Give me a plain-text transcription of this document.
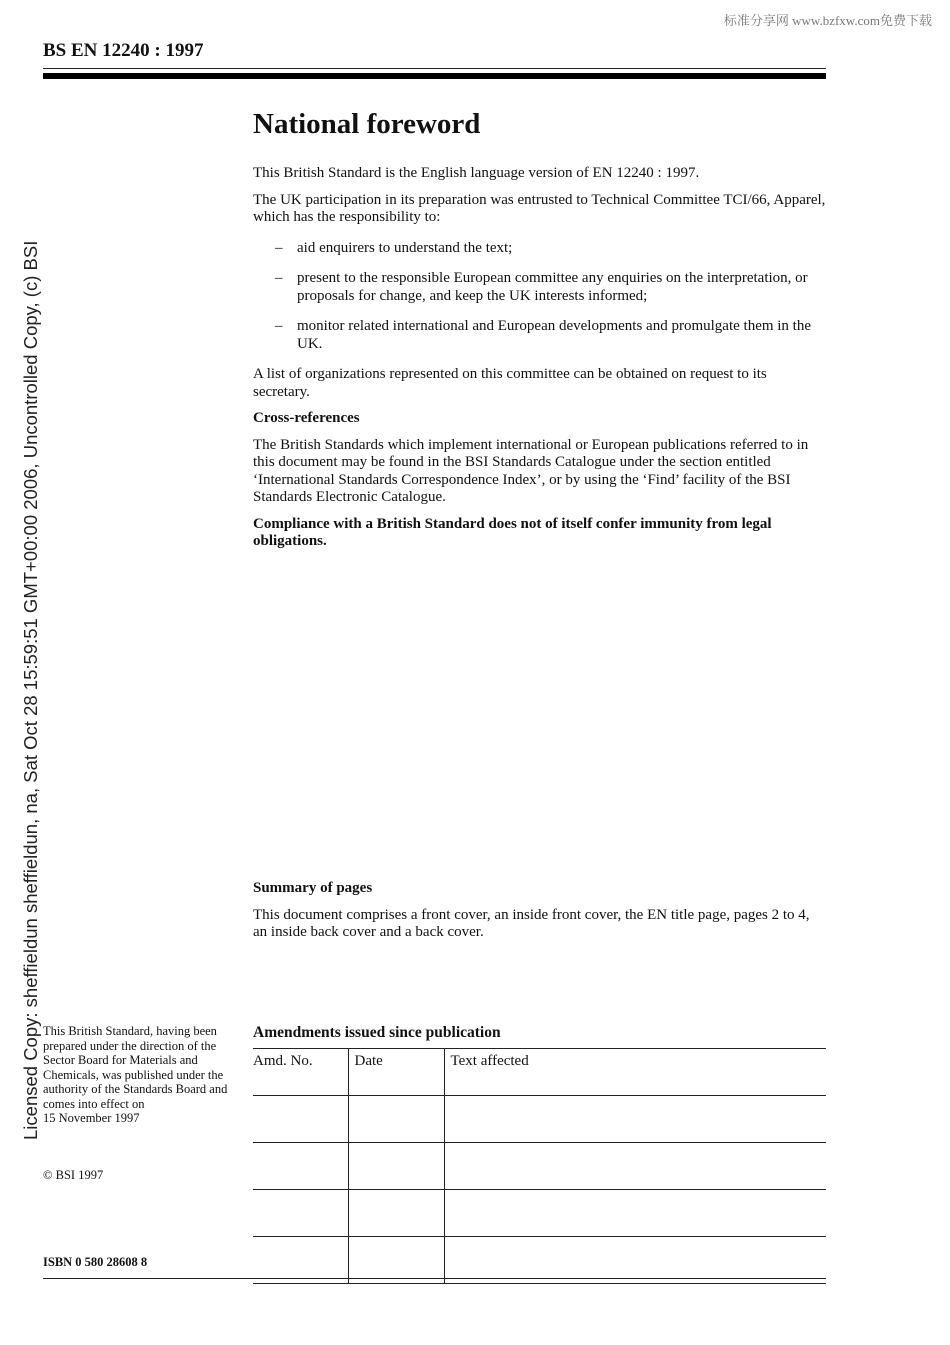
标准分享网 www.bzfxw.com免费下载
BS EN 12240 : 1997
Licensed Copy: sheffieldun sheffieldun, na, Sat Oct 28 15:59:51 GMT+00:00 2006, Uncontrolled Copy, (c) BSI
National foreword

This British Standard is the English language version of EN 12240 : 1997.

The UK participation in its preparation was entrusted to Technical Committee TCI/66, Apparel, which has the responsibility to:

– aid enquirers to understand the text;
– present to the responsible European committee any enquiries on the interpretation, or proposals for change, and keep the UK interests informed;
– monitor related international and European developments and promulgate them in the UK.

A list of organizations represented on this committee can be obtained on request to its secretary.

Cross-references

The British Standards which implement international or European publications referred to in this document may be found in the BSI Standards Catalogue under the section entitled ‘International Standards Correspondence Index’, or by using the ‘Find’ facility of the BSI Standards Electronic Catalogue.

Compliance with a British Standard does not of itself confer immunity from legal obligations.

Summary of pages

This document comprises a front cover, an inside front cover, the EN title page, pages 2 to 4, an inside back cover and a back cover.

This British Standard, having been prepared under the direction of the Sector Board for Materials and Chemicals, was published under the authority of the Standards Board and comes into effect on
15 November 1997
© BSI 1997
ISBN 0 580 28608 8
Amendments issued since publication
Amd. No.	Date	Text affected
